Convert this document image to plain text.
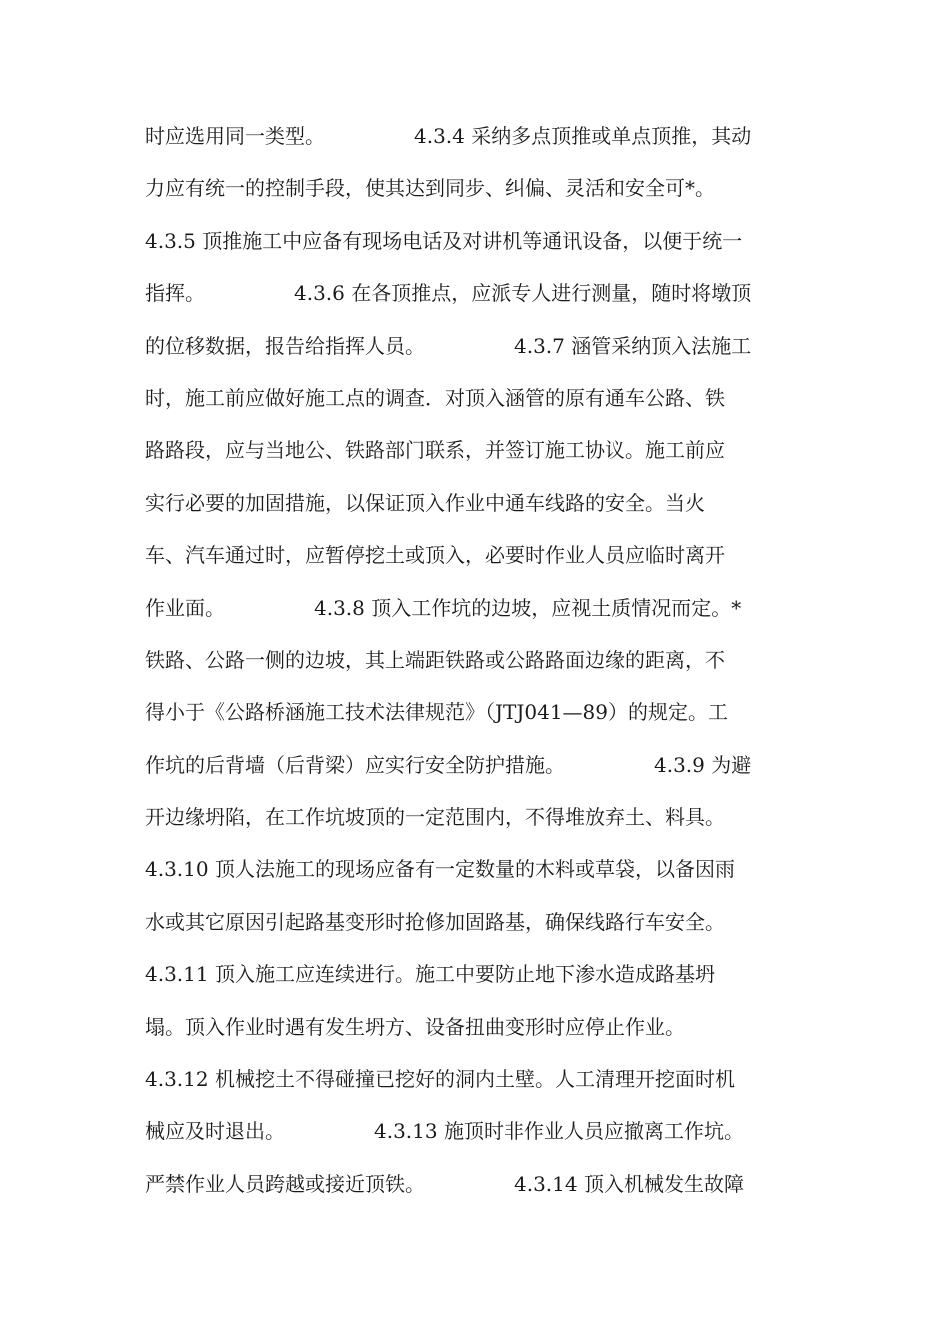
时应选用同一类型。              4.3.4 采纳多点顶推或单点顶推，其动
力应有统一的控制手段，使其达到同步、纠偏、灵活和安全可*。
4.3.5 顶推施工中应备有现场电话及对讲机等通讯设备，以便于统一
指挥。              4.3.6 在各顶推点，应派专人进行测量，随时将墩顶
的位移数据，报告给指挥人员。              4.3.7 涵管采纳顶入法施工
时，施工前应做好施工点的调查．对顶入涵管的原有通车公路、铁
路路段，应与当地公、铁路部门联系，并签订施工协议。施工前应
实行必要的加固措施，以保证顶入作业中通车线路的安全。当火
车、汽车通过时，应暂停挖土或顶入，必要时作业人员应临时离开
作业面。              4.3.8 顶入工作坑的边坡，应视土质情况而定。*
铁路、公路一侧的边坡，其上端距铁路或公路路面边缘的距离，不
得小于《公路桥涵施工技术法律规范》（JTJ041—89）的规定。工
作坑的后背墙（后背梁）应实行安全防护措施。              4.3.9 为避
开边缘坍陷，在工作坑坡顶的一定范围内，不得堆放弃土、料具。
4.3.10 顶人法施工的现场应备有一定数量的木料或草袋，以备因雨
水或其它原因引起路基变形时抢修加固路基，确保线路行车安全。
4.3.11 顶入施工应连续进行。施工中要防止地下渗水造成路基坍
塌。顶入作业时遇有发生坍方、设备扭曲变形时应停止作业。
4.3.12 机械挖土不得碰撞已挖好的洞内土壁。人工清理开挖面时机
械应及时退出。              4.3.13 施顶时非作业人员应撤离工作坑。
严禁作业人员跨越或接近顶铁。              4.3.14 顶入机械发生故障
